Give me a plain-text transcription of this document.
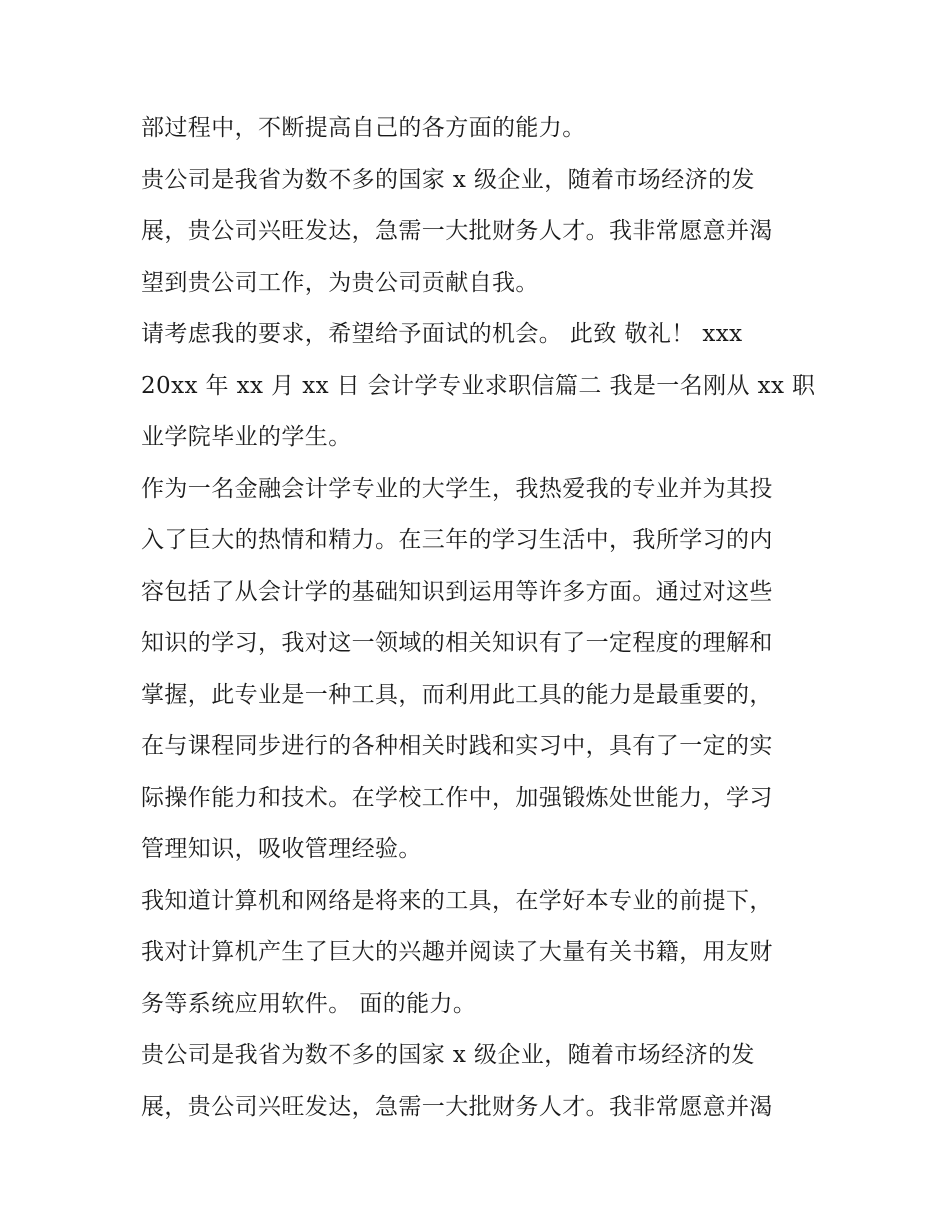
部过程中，不断提高自己的各方面的能力。
贵公司是我省为数不多的国家 x 级企业，随着市场经济的发
展，贵公司兴旺发达，急需一大批财务人才。我非常愿意并渴
望到贵公司工作，为贵公司贡献自我。
请考虑我的要求，希望给予面试的机会。 此致 敬礼！ xxx
20xx 年 xx 月 xx 日 会计学专业求职信篇二 我是一名刚从 xx 职
业学院毕业的学生。
作为一名金融会计学专业的大学生，我热爱我的专业并为其投
入了巨大的热情和精力。在三年的学习生活中，我所学习的内
容包括了从会计学的基础知识到运用等许多方面。通过对这些
知识的学习，我对这一领域的相关知识有了一定程度的理解和
掌握，此专业是一种工具，而利用此工具的能力是最重要的，
在与课程同步进行的各种相关时践和实习中，具有了一定的实
际操作能力和技术。在学校工作中，加强锻炼处世能力，学习
管理知识，吸收管理经验。
我知道计算机和网络是将来的工具，在学好本专业的前提下，
我对计算机产生了巨大的兴趣并阅读了大量有关书籍，用友财
务等系统应用软件。 面的能力。
贵公司是我省为数不多的国家 x 级企业，随着市场经济的发
展，贵公司兴旺发达，急需一大批财务人才。我非常愿意并渴
